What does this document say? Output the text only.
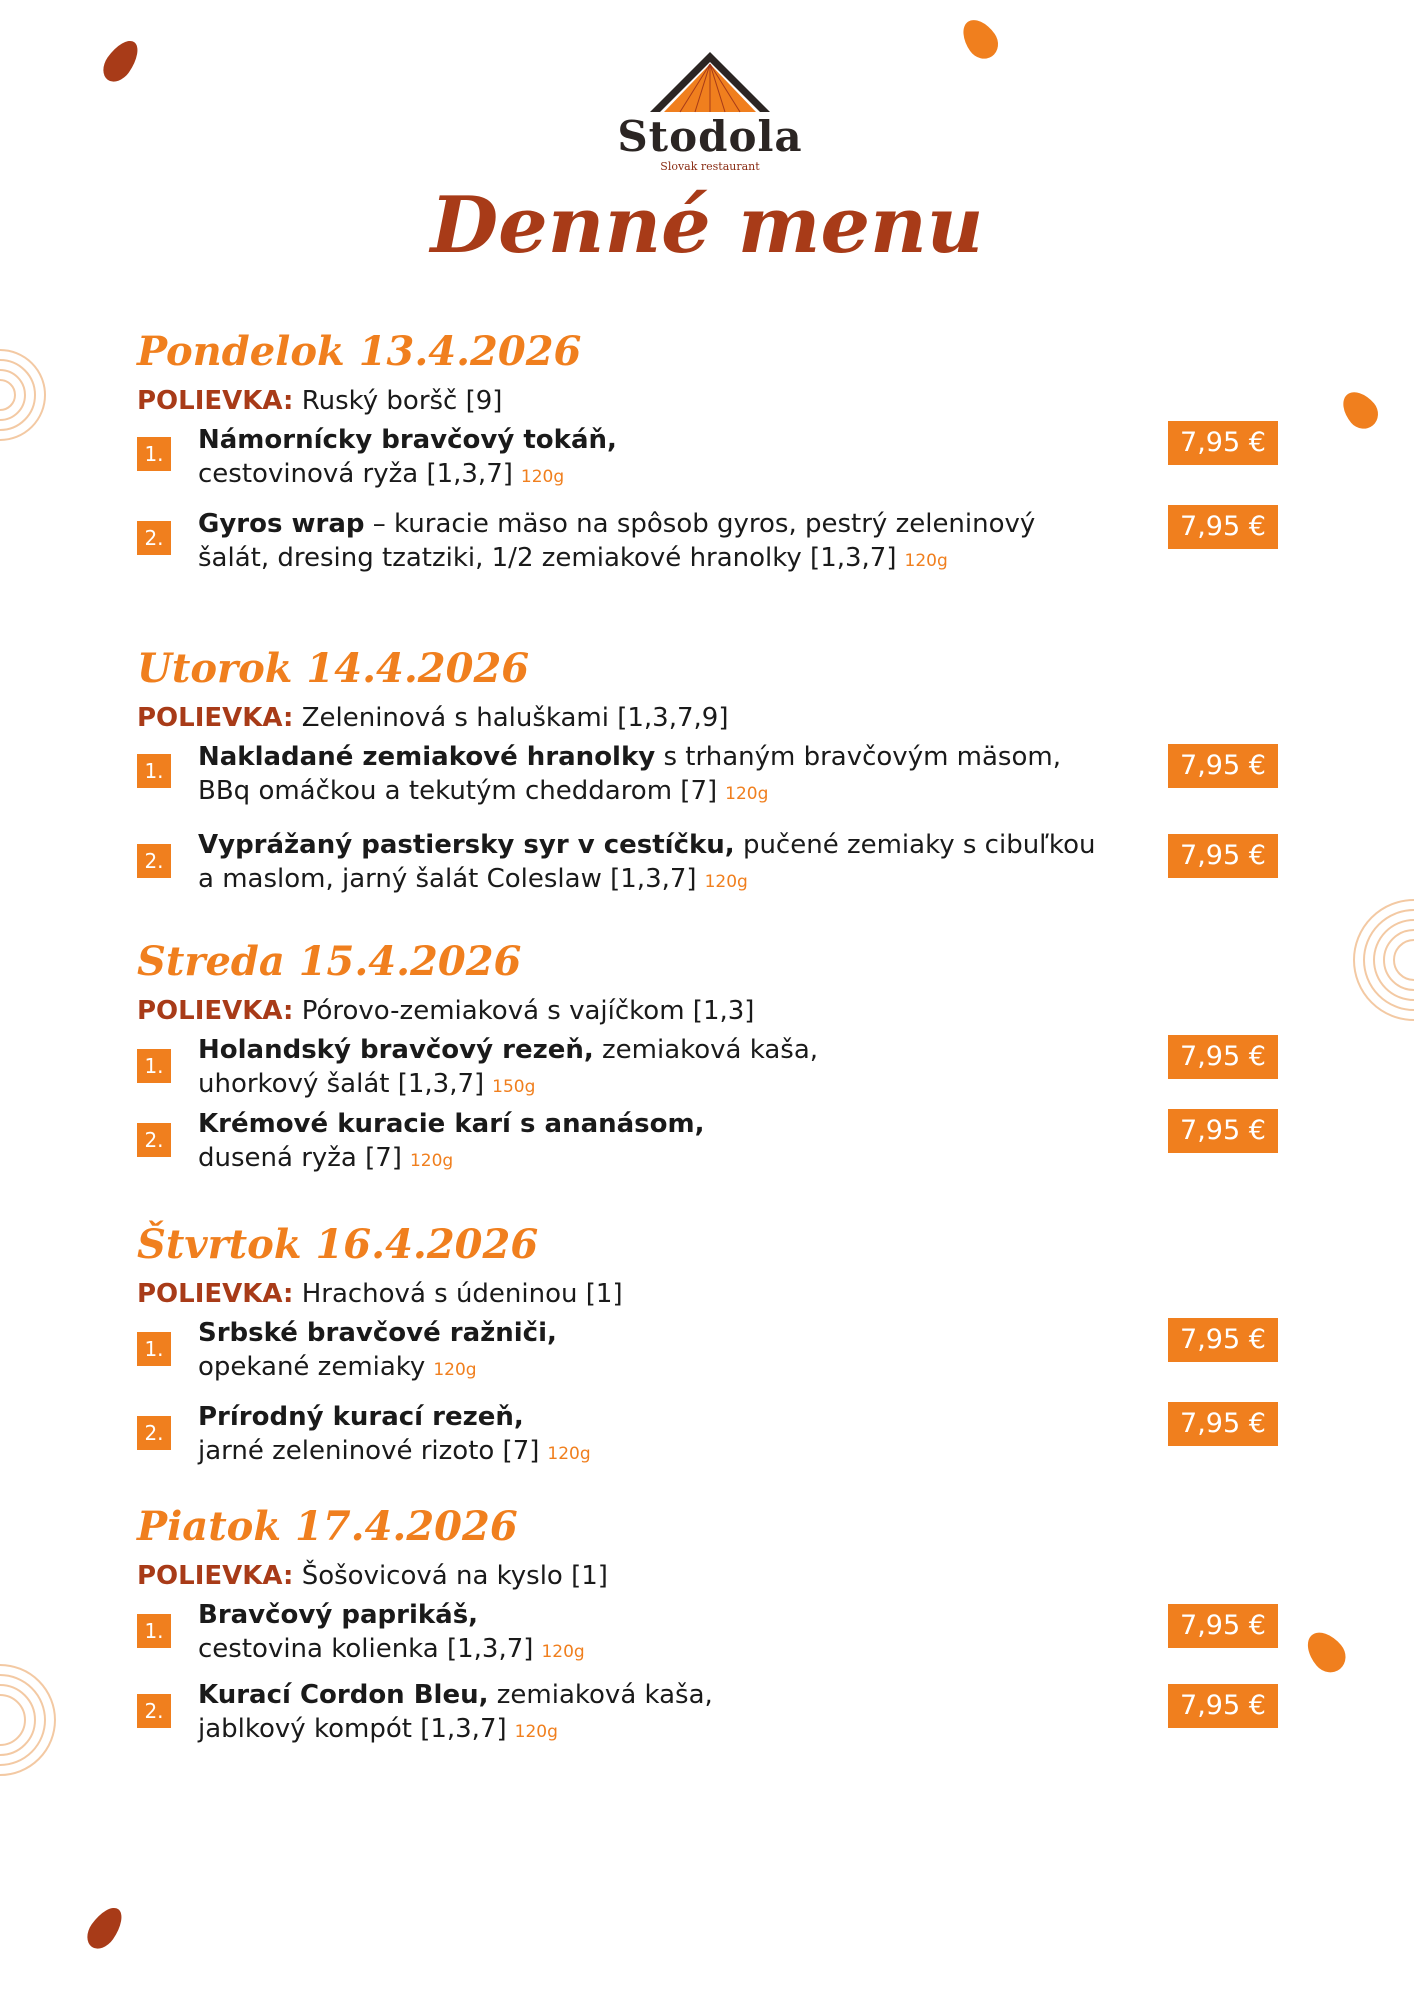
Stodola
Slovak restaurant
Denné menu
Pondelok 13.4.2026
POLIEVKA: Ruský boršč [9]
1. Námornícky bravčový tokáň,
cestovinová ryža [1,3,7] 120g
7,95 €
2. Gyros wrap – kuracie mäso na spôsob gyros, pestrý zeleninový
šalát, dresing tzatziki, 1/2 zemiakové hranolky [1,3,7] 120g
7,95 €
Utorok 14.4.2026
POLIEVKA: Zeleninová s haluškami [1,3,7,9]
1. Nakladané zemiakové hranolky s trhaným bravčovým mäsom,
BBq omáčkou a tekutým cheddarom [7] 120g
7,95 €
2.
Vyprážaný pastiersky syr v cestíčku, pučené zemiaky s cibuľkou
a maslom, jarný šalát Coleslaw [1,3,7] 120g
7,95 €
Streda 15.4.2026
POLIEVKA: Pórovo-zemiaková s vajíčkom [1,3]
1.
Holandský bravčový rezeň, zemiaková kaša,
uhorkový šalát [1,3,7] 150g
7,95 €
2.
Krémové kuracie karí s ananásom,
dusená ryža [7] 120g
7,95 €
Štvrtok 16.4.2026
POLIEVKA: Hrachová s údeninou [1]
1.
Srbské bravčové ražniči,
opekané zemiaky 120g
7,95 €
2.
Prírodný kurací rezeň,
jarné zeleninové rizoto [7] 120g
7,95 €
Piatok 17.4.2026
POLIEVKA: Šošovicová na kyslo [1]
1.
Bravčový paprikáš,
cestovina kolienka [1,3,7] 120g
7,95 €
2.
Kurací Cordon Bleu, zemiaková kaša,
jablkový kompót [1,3,7] 120g
7,95 €
